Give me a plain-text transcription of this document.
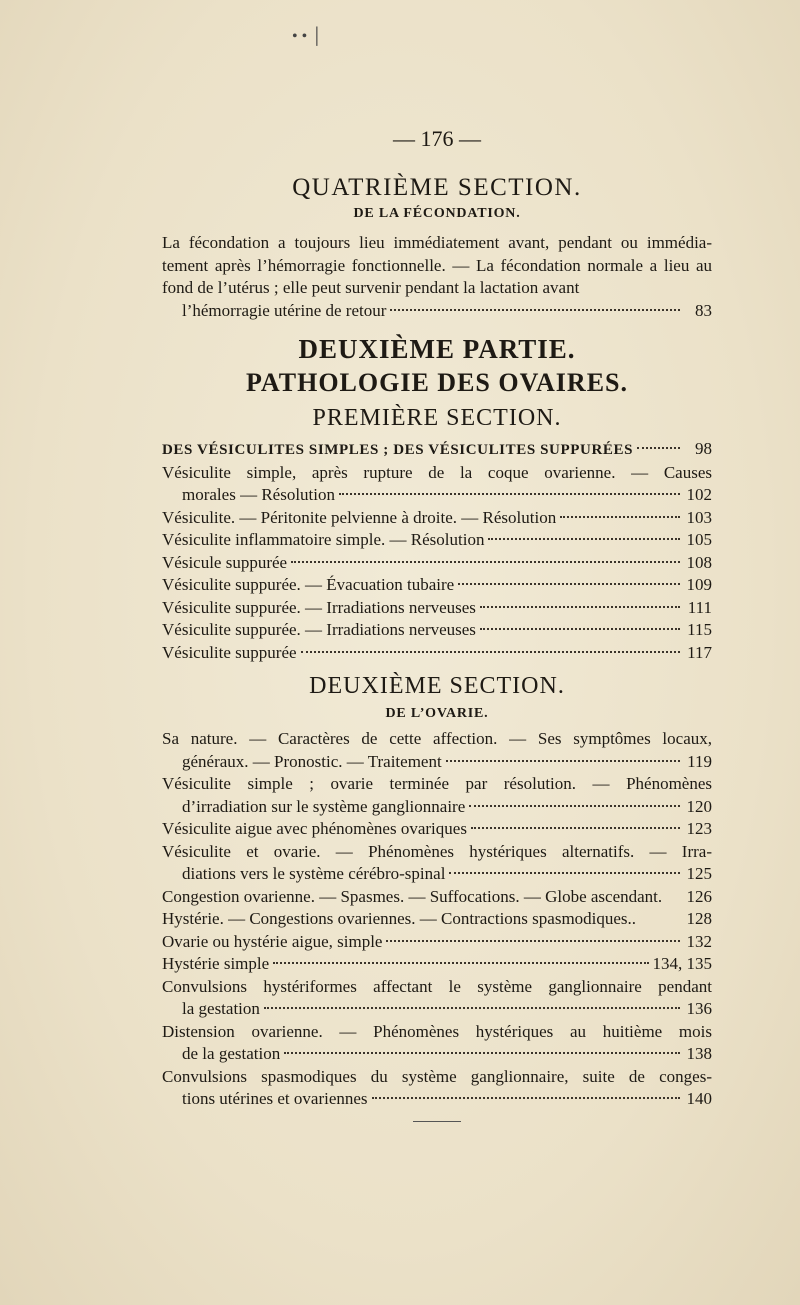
• • │
— 176 —
QUATRIÈME SECTION.
DE LA FÉCONDATION.
La fécondation a toujours lieu immédiatement avant, pendant ou immédia-tement après l’hémorragie fonctionnelle. — La fécondation normale a lieu au fond de l’utérus ; elle peut survenir pendant la lactation avant
l’hémorragie utérine de retour	83
DEUXIÈME PARTIE.
PATHOLOGIE DES OVAIRES.
PREMIÈRE SECTION.
DES VÉSICULITES SIMPLES ; DES VÉSICULITES SUPPURÉES	98
Vésiculite simple, après rupture de la coque ovarienne. — Causes
morales — Résolution	102
Vésiculite. — Péritonite pelvienne à droite. — Résolution	103
Vésiculite inflammatoire simple. — Résolution	105
Vésicule suppurée	108
Vésiculite suppurée. — Évacuation tubaire	109
Vésiculite suppurée. — Irradiations nerveuses	111
Vésiculite suppurée. — Irradiations nerveuses	115
Vésiculite suppurée	117
DEUXIÈME SECTION.
DE L’OVARIE.
Sa nature. — Caractères de cette affection. — Ses symptômes locaux,
généraux. — Pronostic. — Traitement	119
Vésiculite simple ; ovarie terminée par résolution. — Phénomènes
d’irradiation sur le système ganglionnaire	120
Vésiculite aigue avec phénomènes ovariques	123
Vésiculite et ovarie. — Phénomènes hystériques alternatifs. — Irra-
diations vers le système cérébro-spinal	125
Congestion ovarienne. — Spasmes. — Suffocations. — Globe ascendant. 126
Hystérie. — Congestions ovariennes. — Contractions spasmodiques..	128
Ovarie ou hystérie aigue, simple	132
Hystérie simple	134, 135
Convulsions hystériformes affectant le système ganglionnaire pendant
la gestation	136
Distension ovarienne. — Phénomènes hystériques au huitième mois
de la gestation	138
Convulsions spasmodiques du système ganglionnaire, suite de conges-
tions utérines et ovariennes	140
